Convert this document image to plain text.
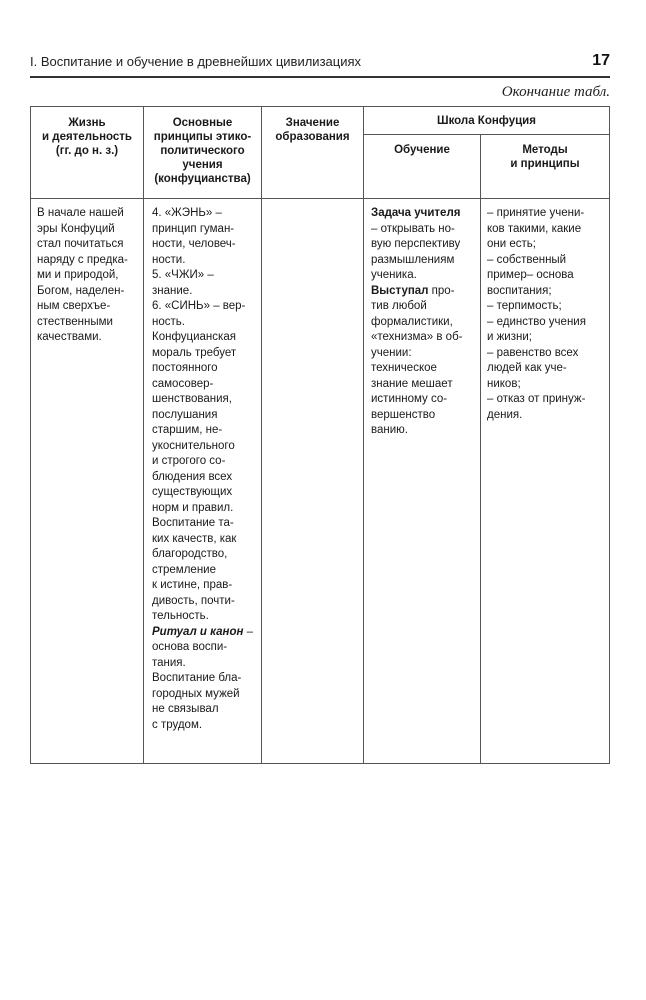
I. Воспитание и обучение в древнейших цивилизациях	17
Окончание табл.
Жизнь
и деятельность
(гг. до н. з.)
Основные
принципы этико-
политического
учения
(конфуцианства)
Значение
образования
Школа Конфуция
Обучение	Методы
и принципы
В начале нашей
эры Конфуций
стал почитаться
наряду с предка-
ми и природой,
Богом, наделен-
ным сверхъе-
стественными
качествами.
4. «ЖЭНЬ» –
принцип гуман-
ности, человеч-
ности.
5. «ЧЖИ» –
знание.
6. «СИНЬ» – вер-
ность.
Конфуцианская
мораль требует
постоянного
самосовер-
шенствования,
послушания
старшим, не-
укоснительного
и строгого со-
блюдения всех
существующих
норм и правил.
Воспитание та-
ких качеств, как
благородство,
стремление
к истине, прав-
дивость, почти-
тельность.
Ритуал и канон –
основа воспи-
тания.
Воспитание бла-
городных мужей
не связывал
с трудом.
Задача учителя
– открывать но-
вую перспективу
размышлениям
ученика.
Выступал про-
тив любой
формалистики,
«технизма» в об-
учении:
техническое
знание мешает
истинному со-
вершенство
ванию.
– принятие учени-
ков такими, какие
они есть;
– собственный
пример– основа
воспитания;
– терпимость;
– единство учения
и жизни;
– равенство всех
людей как уче-
ников;
– отказ от принуж-
дения.
